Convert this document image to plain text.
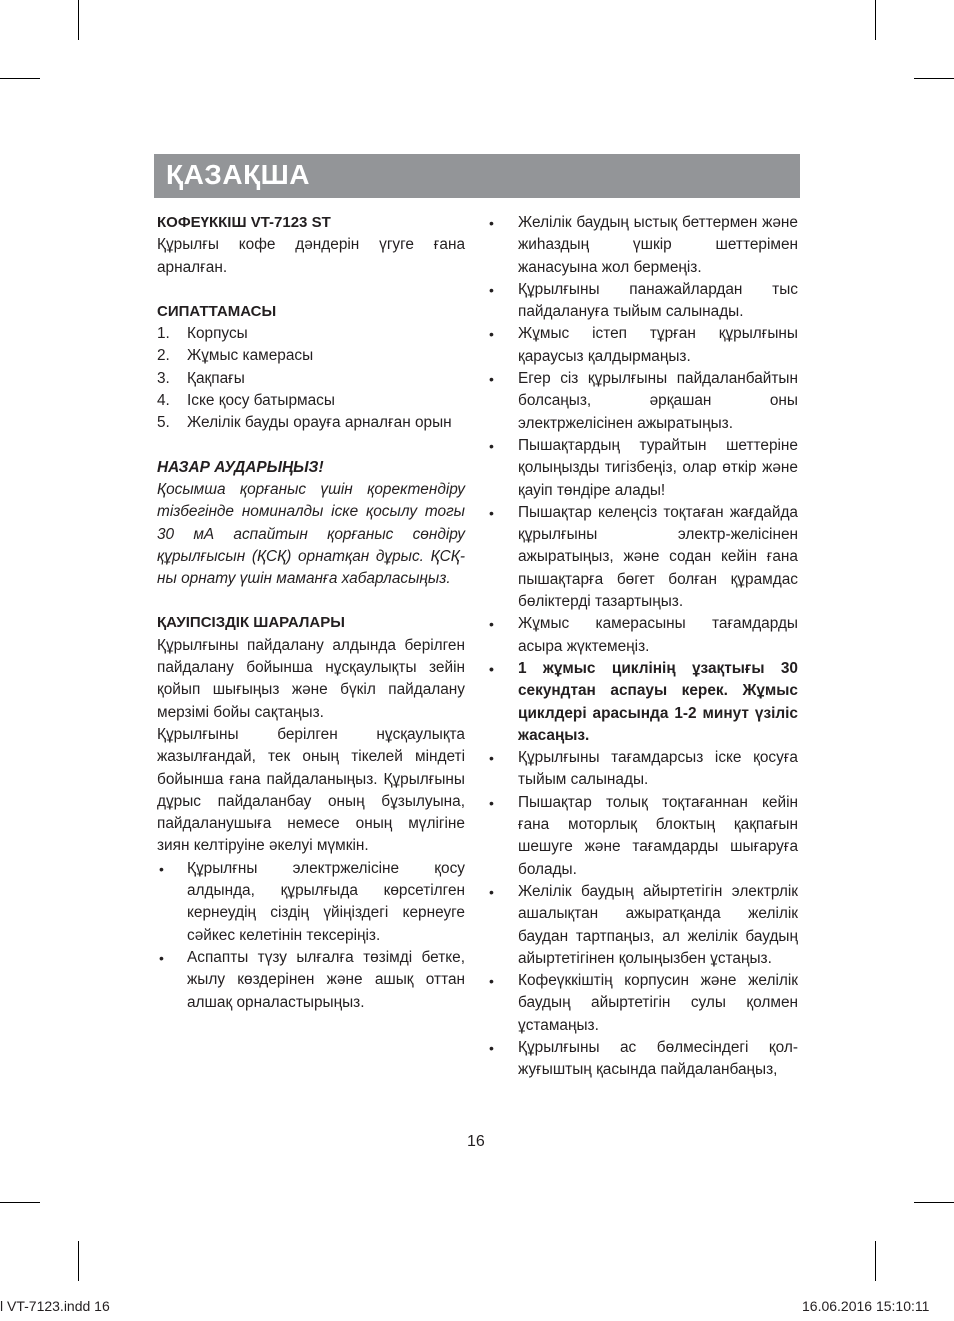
ҚАЗАҚША

КОФЕҮККІШ VT-7123 ST

Құрылғы кофе дәндерін үгуге ғана арналған.

СИПАТТАМАСЫ

1. Корпусы
2. Жұмыс камерасы
3. Қақпағы
4. Іске қосу батырмасы
5. Желілік бауды орауға арналған орын

НАЗАР АУДАРЫҢЫЗ!

Қосымша қорғаныс үшін қоректендіру тізбегінде номиналды іске қосылу тогы 30 мА аспайтын қорғаныс сөндіру құрылғысын (ҚСҚ) орнатқан дұрыс. ҚСҚ-ны орнату үшін маманға хабарласыңыз.

ҚАУІПСІЗДІК ШАРАЛАРЫ

Құрылғыны пайдалану алдында берілген пайдалану бойынша нұсқаулықты зейін қойып шығыңыз және бүкіл пайдалану мерзімі бойы сақтаңыз.

Құрылғыны берілген нұсқаулықта жазылғандай, тек оның тікелей міндеті бойынша ғана пайдаланыңыз. Құрылғыны дұрыс пайдаланбау оның бұзылуына, пайдаланушыға немесе оның мүлігіне зиян келтіруіне әкелуі мүмкін.

• Құрылғны электржелісіне қосу алдында, құрылғыда көрсетілген кернеудің сіздің үйіңіздегі кернеуге сәйкес келетінін тексеріңіз.
• Аспапты түзу ылғалға төзімді бетке, жылу көздерінен және ашық оттан алшақ орналастырыңыз.
• Желілік баудың ыстық беттермен және жиһаздың үшкір шеттерімен жанасуына жол бермеңіз.
• Құрылғыны панажайлардан тыс пайдалануға тыйым салынады.
• Жұмыс істеп тұрған құрылғыны қараусыз қалдырмаңыз.
• Егер сіз құрылғыны пайдаланбайтын болсаңыз, әрқашан оны электржелісінен ажыратыңыз.
• Пышақтардың турайтын шеттеріне қолыңызды тигізбеңіз, олар өткір және қауіп төндіре алады!
• Пышақтар келеңсіз тоқтаған жағдайда құрылғыны электр-желісінен ажыратыңыз, және содан кейін ғана пышақтарға бөгет болған құрамдас бөліктерді тазартыңыз.
• Жұмыс камерасыны тағамдарды асыра жүктемеңіз.
• 1 жұмыс циклінің ұзақтығы 30 секундтан аспауы керек. Жұмыс циклдері арасында 1-2 минут үзіліс жасаңыз.
• Құрылғыны тағамдарсыз іске қосуға тыйым салынады.
• Пышақтар толық тоқтағаннан кейін ғана моторлық блоктың қақпағын шешуге және тағамдарды шығаруға болады.
• Желілік баудың айыртетігін электрлік ашалықтан ажыратқанда желілік баудан тартпаңыз, ал желілік баудың айыртетігінен қолыңызбен ұстаңыз.
• Кофеүккіштің корпусин және желілік баудың айыртетігін сулы қолмен ұстамаңыз.
• Құрылғыны ас бөлмесіндегі қол-жуғыштың қасында пайдаланбаңыз,
16
l VT-7123.indd 16	16.06.2016 15:10:11
